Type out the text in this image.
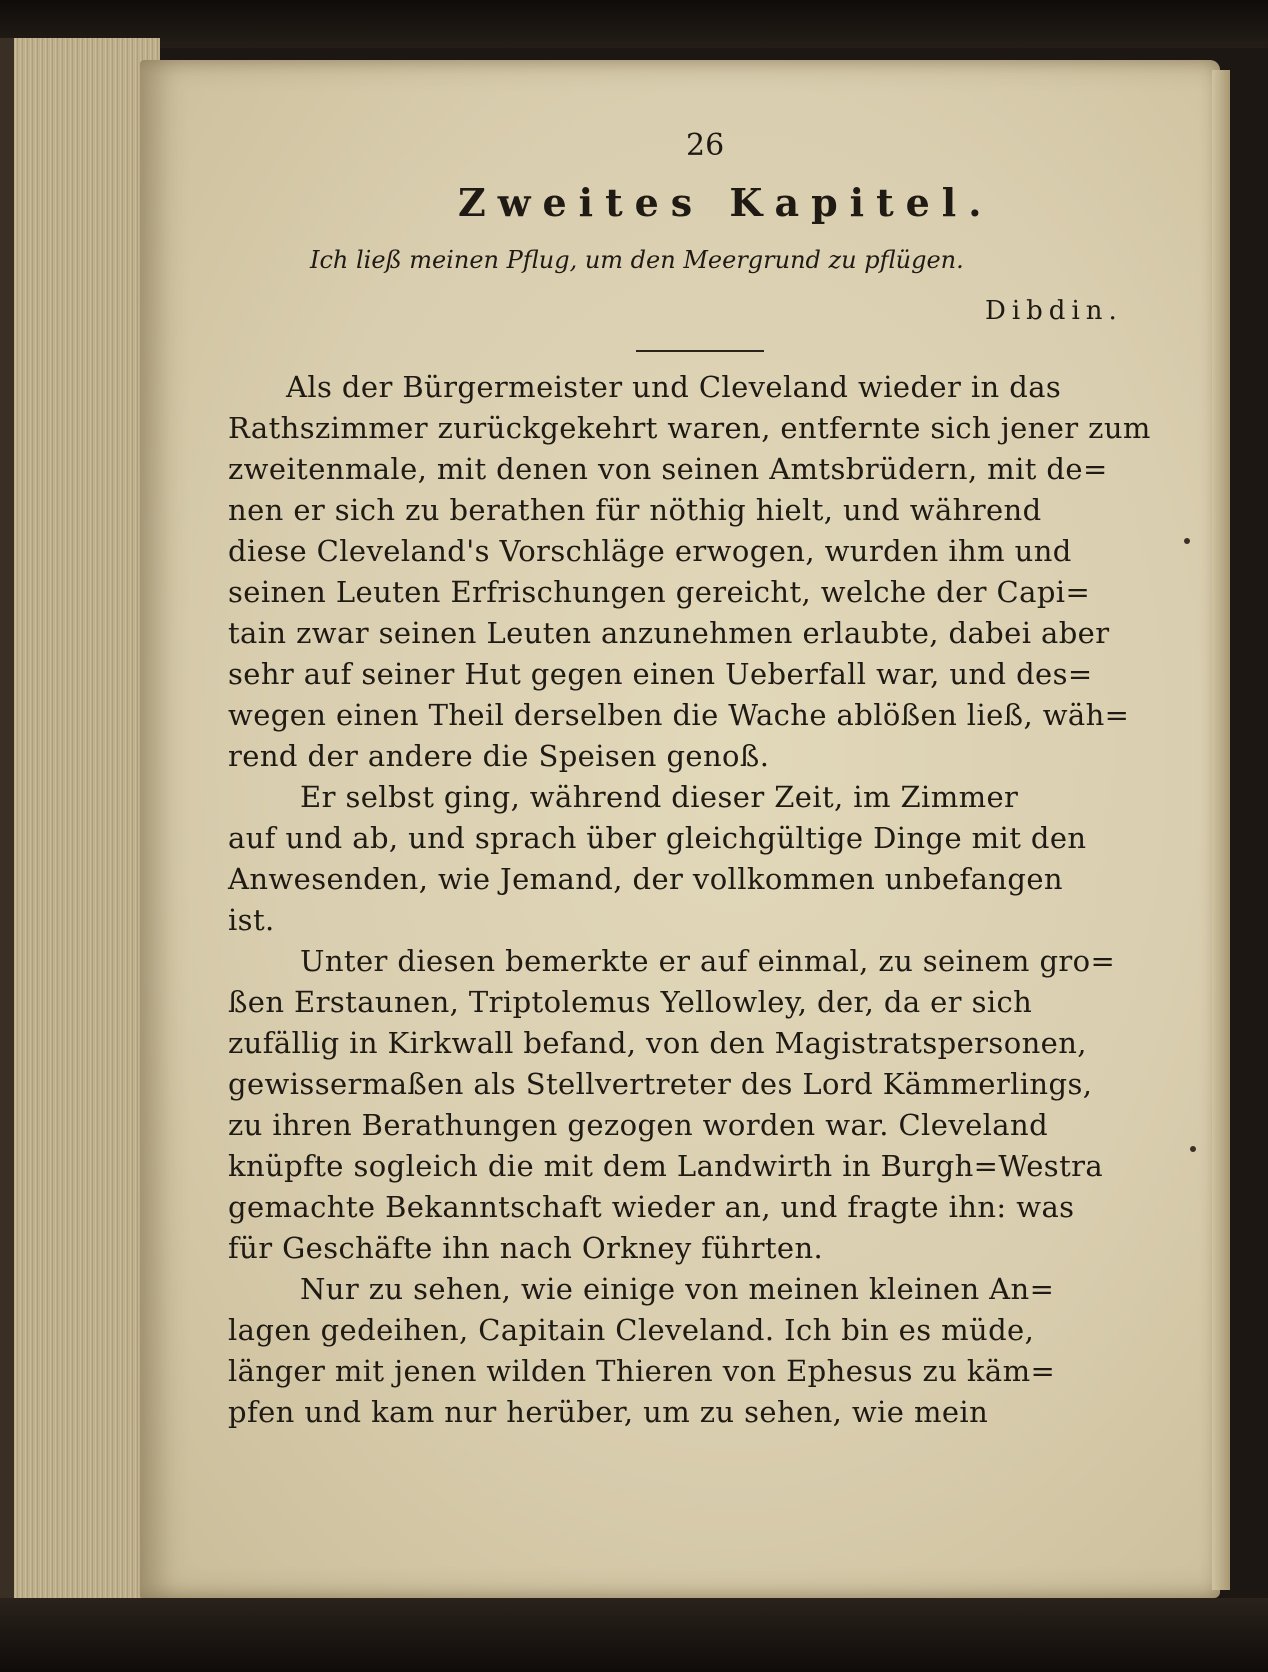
26
Zweites Kapitel.
Ich ließ meinen Pflug, um den Meergrund zu pflügen.
Dibdin.
Als der Bürgermeister und Cleveland wieder in das
Rathszimmer zurückgekehrt waren, entfernte sich jener zum
zweitenmale, mit denen von seinen Amtsbrüdern, mit de=
nen er sich zu berathen für nöthig hielt, und während
diese Cleveland's Vorschläge erwogen, wurden ihm und
seinen Leuten Erfrischungen gereicht, welche der Capi=
tain zwar seinen Leuten anzunehmen erlaubte, dabei aber
sehr auf seiner Hut gegen einen Ueberfall war, und des=
wegen einen Theil derselben die Wache ablößen ließ, wäh=
rend der andere die Speisen genoß.
Er selbst ging, während dieser Zeit, im Zimmer
auf und ab, und sprach über gleichgültige Dinge mit den
Anwesenden, wie Jemand, der vollkommen unbefangen
ist.
Unter diesen bemerkte er auf einmal, zu seinem gro=
ßen Erstaunen, Triptolemus Yellowley, der, da er sich
zufällig in Kirkwall befand, von den Magistratspersonen,
gewissermaßen als Stellvertreter des Lord Kämmerlings,
zu ihren Berathungen gezogen worden war. Cleveland
knüpfte sogleich die mit dem Landwirth in Burgh=Westra
gemachte Bekanntschaft wieder an, und fragte ihn: was
für Geschäfte ihn nach Orkney führten.
Nur zu sehen, wie einige von meinen kleinen An=
lagen gedeihen, Capitain Cleveland. Ich bin es müde,
länger mit jenen wilden Thieren von Ephesus zu käm=
pfen und kam nur herüber, um zu sehen, wie mein
